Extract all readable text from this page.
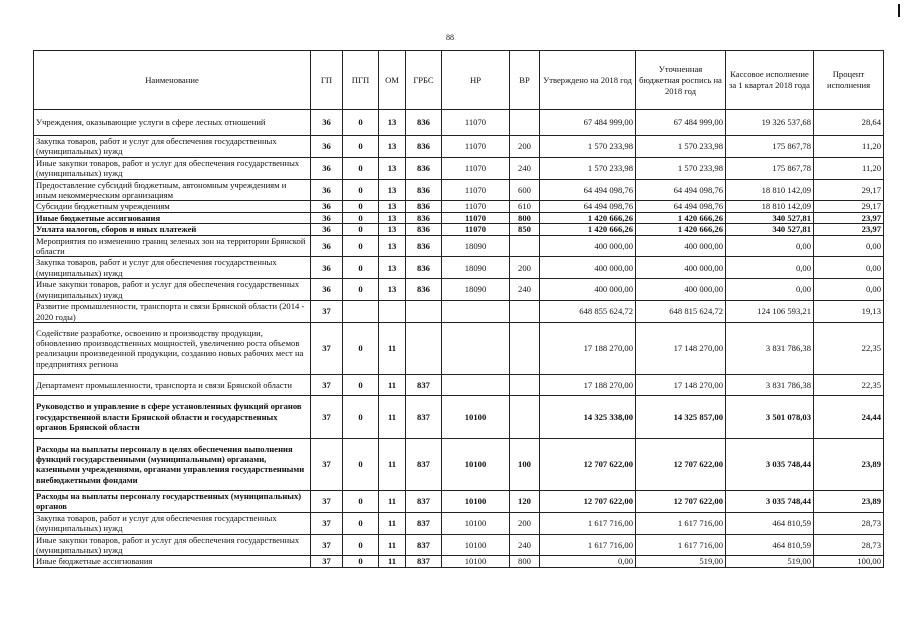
88
Наименование	ГП	ПГП	ОМ	ГРБС	НР	ВР	Утверждено на 2018 год	Уточненная бюджетная роспись на 2018 год	Кассовое исполнение за 1 квартал 2018 года	Процент исполнения
Учреждения, оказывающие услуги в сфере лесных отношений	36	0	13	836	11070		67 484 999,00	67 484 999,00	19 326 537,68	28,64
Закупка товаров, работ и услуг для обеспечения государственных (муниципальных) нужд	36	0	13	836	11070	200	1 570 233,98	1 570 233,98	175 867,78	11,20
Иные закупки товаров, работ и услуг для обеспечения государственных (муниципальных) нужд	36	0	13	836	11070	240	1 570 233,98	1 570 233,98	175 867,78	11,20
Предоставление субсидий бюджетным, автономным учреждениям и иным некоммерческим организациям	36	0	13	836	11070	600	64 494 098,76	64 494 098,76	18 810 142,09	29,17
Субсидии бюджетным учреждениям	36	0	13	836	11070	610	64 494 098,76	64 494 098,76	18 810 142,09	29,17
Иные бюджетные ассигнования	36	0	13	836	11070	800	1 420 666,26	1 420 666,26	340 527,81	23,97
Уплата налогов, сборов и иных платежей	36	0	13	836	11070	850	1 420 666,26	1 420 666,26	340 527,81	23,97
Мероприятия по изменению границ зеленых зон на территории Брянской области	36	0	13	836	18090		400 000,00	400 000,00	0,00	0,00
Закупка товаров, работ и услуг для обеспечения государственных (муниципальных) нужд	36	0	13	836	18090	200	400 000,00	400 000,00	0,00	0,00
Иные закупки товаров, работ и услуг для обеспечения государственных (муниципальных) нужд	36	0	13	836	18090	240	400 000,00	400 000,00	0,00	0,00
Развитие промышленности, транспорта и связи Брянской области (2014 - 2020 годы)	37						648 855 624,72	648 815 624,72	124 106 593,21	19,13
Содействие разработке, освоению и производству продукции, обновлению производственных мощностей, увеличению роста объемов реализации произведенной продукции, созданию новых рабочих мест на предприятиях региона	37	0	11				17 188 270,00	17 148 270,00	3 831 786,38	22,35
Департамент промышленности, транспорта и связи Брянской области	37	0	11	837			17 188 270,00	17 148 270,00	3 831 786,38	22,35
Руководство и управление в сфере установленных функций органов государственной власти Брянской области и государственных органов Брянской области	37	0	11	837	10100		14 325 338,00	14 325 857,00	3 501 078,03	24,44
Расходы на выплаты персоналу в целях обеспечения выполнения функций государственными (муниципальными) органами, казенными учреждениями, органами управления государственными внебюджетными фондами	37	0	11	837	10100	100	12 707 622,00	12 707 622,00	3 035 748,44	23,89
Расходы на выплаты персоналу государственных (муниципальных) органов	37	0	11	837	10100	120	12 707 622,00	12 707 622,00	3 035 748,44	23,89
Закупка товаров, работ и услуг для обеспечения государственных (муниципальных) нужд	37	0	11	837	10100	200	1 617 716,00	1 617 716,00	464 810,59	28,73
Иные закупки товаров, работ и услуг для обеспечения государственных (муниципальных) нужд	37	0	11	837	10100	240	1 617 716,00	1 617 716,00	464 810,59	28,73
Иные бюджетные ассигнования	37	0	11	837	10100	800	0,00	519,00	519,00	100,00
